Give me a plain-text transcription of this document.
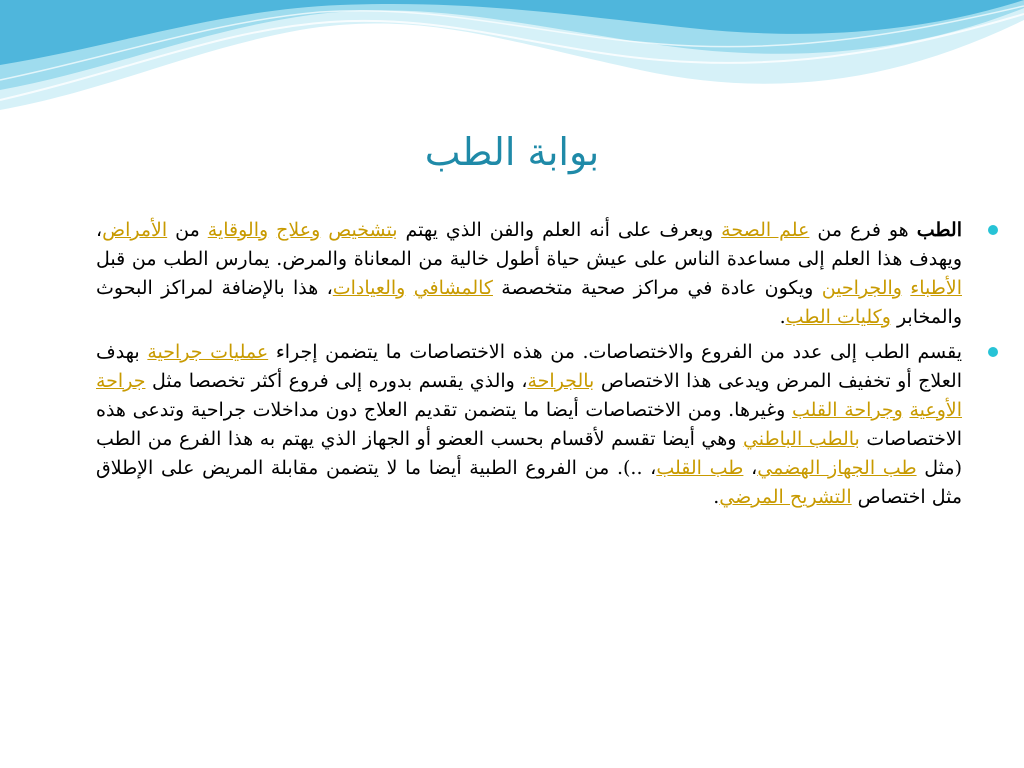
بوابة الطب

الطب هو فرع من علم الصحة ويعرف على أنه العلم والفن الذي يهتم بتشخيص وعلاج والوقاية من الأمراض، ويهدف هذا العلم إلى مساعدة الناس على عيش حياة أطول خالية من المعاناة والمرض. يمارس الطب من قبل الأطباء والجراحين ويكون عادة في مراكز صحية متخصصة كالمشافي والعيادات، هذا بالإضافة لمراكز البحوث والمخابر وكليات الطب.

يقسم الطب إلى عدد من الفروع والاختصاصات. من هذه الاختصاصات ما يتضمن إجراء عمليات جراحية بهدف العلاج أو تخفيف المرض ويدعى هذا الاختصاص بالجراحة، والذي يقسم بدوره إلى فروع أكثر تخصصا مثل جراحة الأوعية وجراحة القلب وغيرها. ومن الاختصاصات أيضا ما يتضمن تقديم العلاج دون مداخلات جراحية وتدعى هذه الاختصاصات بالطب الباطني وهي أيضا تقسم لأقسام بحسب العضو أو الجهاز الذي يهتم به هذا الفرع من الطب (مثل طب الجهاز الهضمي، طب القلب، ..). من الفروع الطبية أيضا ما لا يتضمن مقابلة المريض على الإطلاق مثل اختصاص التشريح المرضي.
